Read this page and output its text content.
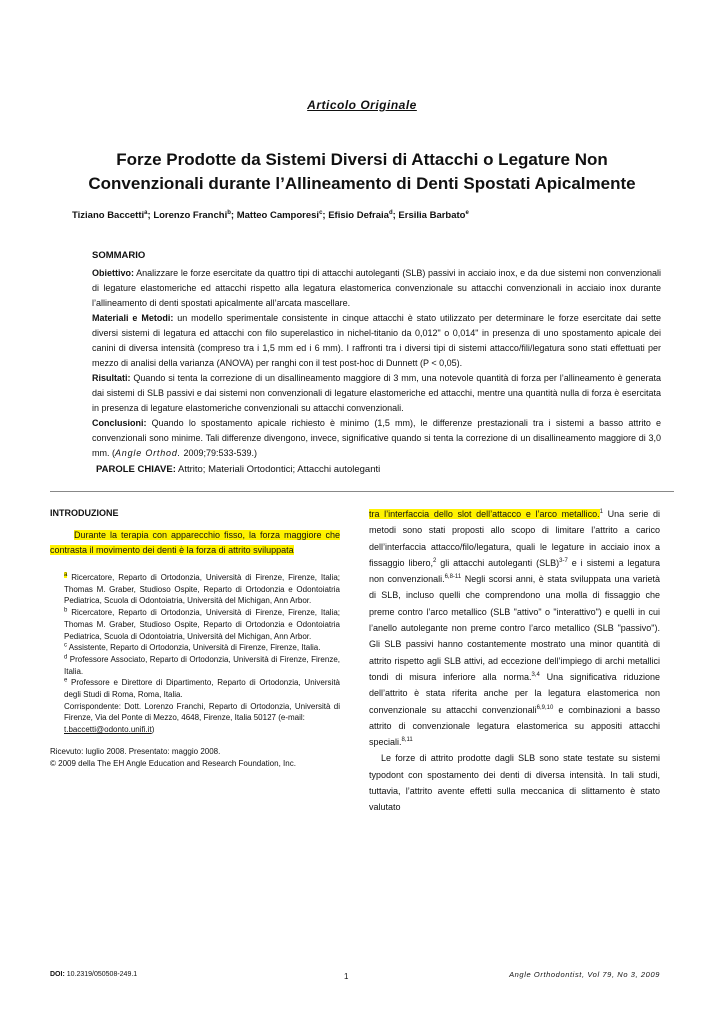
Articolo Originale
Forze Prodotte da Sistemi Diversi di Attacchi o Legature Non
Convenzionali durante l’Allineamento di Denti Spostati Apicalmente
Tiziano Baccetti$^a$; Lorenzo Franchi$^b$; Matteo Camporesi$^c$; Efisio Defraia$^d$; Ersilia Barbato$^e$
SOMMARIO

Obiettivo: Analizzare le forze esercitate da quattro tipi di attacchi autoleganti (SLB) passivi in acciaio inox, e da due sistemi non convenzionali di legature elastomeriche ed attacchi rispetto alla legatura elastomerica convenzionale su attacchi convenzionali in acciaio inox durante l’allineamento di denti spostati apicalmente all’arcata mascellare.

Materiali e Metodi: un modello sperimentale consistente in cinque attacchi è stato utilizzato per determinare le forze esercitate dai sette diversi sistemi di legatura ed attacchi con filo superelastico in nichel-titanio da 0,012" o 0,014" in presenza di uno spostamento apicale dei canini di diversa intensità (compreso tra i 1,5 mm ed i 6 mm). I raffronti tra i diversi tipi di sistemi attacco/fili/legatura sono stati effettuati per mezzo di analisi della varianza (ANOVA) per ranghi con il test post-hoc di Dunnett (P < 0,05).

Risultati: Quando si tenta la correzione di un disallineamento maggiore di 3 mm, una notevole quantità di forza per l’allineamento è generata dai sistemi di SLB passivi e dai sistemi non convenzionali di legature elastomeriche ed attacchi, mentre una quantità nulla di forza è esercitata in presenza di legature elastomeriche convenzionali su attacchi convenzionali.

Conclusioni: Quando lo spostamento apicale richiesto è minimo (1,5 mm), le differenze prestazionali tra i sistemi a basso attrito e convenzionali sono minime. Tali differenze divengono, invece, significative quando si tenta la correzione di un disallineamento maggiore di 3,0 mm. (Angle Orthod. 2009;79:533-539.)

PAROLE CHIAVE: Attrito; Materiali Ortodontici; Attacchi autoleganti
INTRODUZIONE
Durante la terapia con apparecchio fisso, la forza maggiore che contrasta il movimento dei denti è la forza di attrito sviluppata

$^a$ Ricercatore, Reparto di Ortodonzia, Università di Firenze, Firenze, Italia; Thomas M. Graber, Studioso Ospite, Reparto di Ortodonzia e Odontoiatria Pediatrica, Scuola di Odontoiatria, Università del Michigan, Ann Arbor.

$^b$ Ricercatore, Reparto di Ortodonzia, Università di Firenze, Firenze, Italia; Thomas M. Graber, Studioso Ospite, Reparto di Ortodonzia e Odontoiatria Pediatrica, Scuola di Odontoiatria, Università del Michigan, Ann Arbor.

$^c$ Assistente, Reparto di Ortodonzia, Università di Firenze, Firenze, Italia.

$^d$ Professore Associato, Reparto di Ortodonzia, Università di Firenze, Firenze, Italia.

$^e$ Professore e Direttore di Dipartimento, Reparto di Ortodonzia, Università degli Studi di Roma, Roma, Italia.

Corrispondente: Dott. Lorenzo Franchi, Reparto di Ortodonzia, Università di Firenze, Via del Ponte di Mezzo, 4648, Firenze, Italia 50127 (e-mail:
t.baccetti@odonto.unifi.it)

Ricevuto: luglio 2008. Presentato: maggio 2008.

© 2009 della The EH Angle Education and Research Foundation, Inc.

tra l’interfaccia dello slot dell’attacco e l’arco metallico.$^1$ Una serie di metodi sono stati proposti allo scopo di limitare l’attrito a carico dell’interfaccia attacco/filo/legatura, quali le legature in acciaio inox a fissaggio libero,$^2$ gli attacchi autoleganti (SLB)$^{3-7}$ e i sistemi a legatura non convenzionali.$^{6,8-11}$ Negli scorsi anni, è stata sviluppata una varietà di SLB, incluso quelli che comprendono una molla di fissaggio che preme contro l’arco metallico (SLB "attivo" o "interattivo") e quelli in cui l’anello autolegante non preme contro l’arco metallico (SLB "passivo"). Gli SLB passivi hanno costantemente mostrato una minor quantità di attrito rispetto agli SLB attivi, ad eccezione dell’impiego di archi metallici tondi di misura inferiore alla norma.$^{3,4}$ Una significativa riduzione dell’attrito è stata riferita anche per la legatura elastomerica non convenzionale su attacchi convenzionali$^{6,9,10}$ e combinazioni a basso attrito di convenzionale legatura elastomerica su appositi attacchi speciali.$^{8,11}$

Le forze di attrito prodotte dagli SLB sono state testate su sistemi typodont con spostamento dei denti di diversa intensità. In tali studi, tuttavia, l’attrito avente effetti sulla meccanica di slittamento è stato valutato

DOI: 10.2319/050508-249.1	1	Angle Orthodontist, Vol 79, No 3, 2009
